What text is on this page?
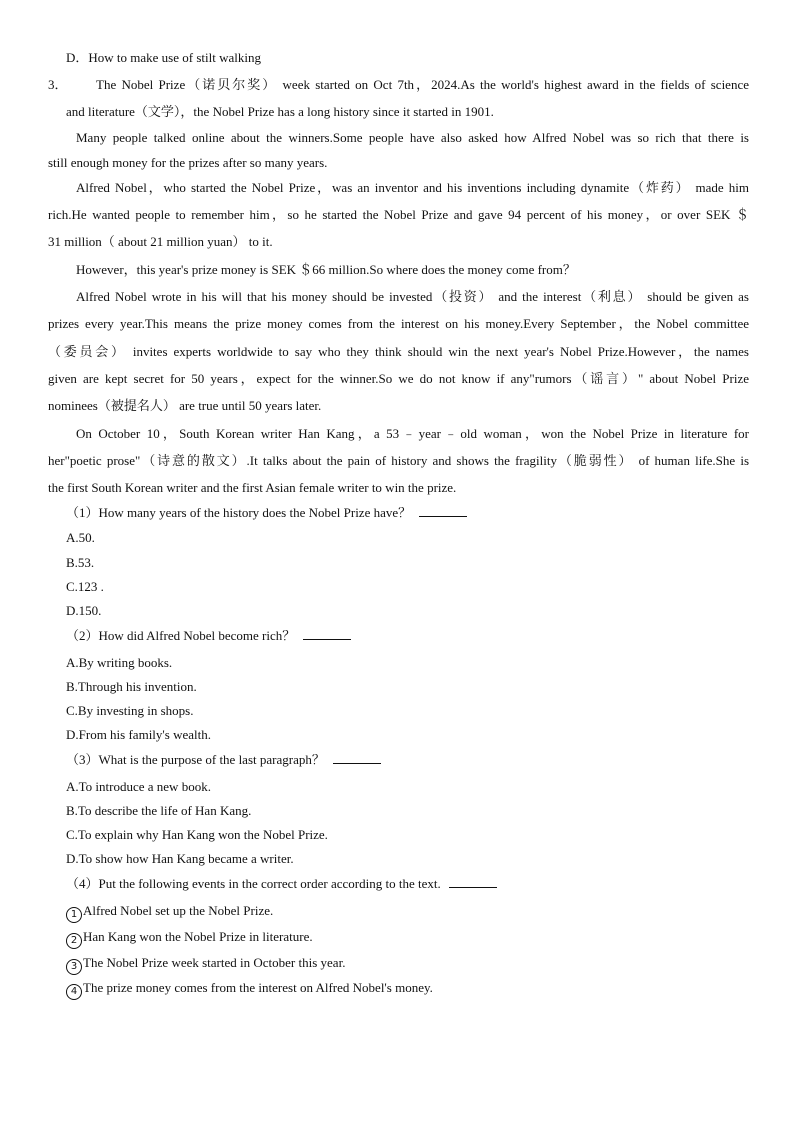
D．How to make use of stilt walking
3． The Nobel Prize（诺贝尔奖） week started on Oct 7th，2024.As the world's highest award in the fields of science
and literature（文学），the Nobel Prize has a long history since it started in 1901.
Many people talked online about the winners.Some people have also asked how Alfred Nobel was so rich that there is
still enough money for the prizes after so many years.
Alfred Nobel，who started the Nobel Prize，was an inventor and his inventions including dynamite（炸药） made him
rich.He wanted people to remember him，so he started the Nobel Prize and gave 94 percent of his money，or over SEK ＄
31 million（ about 21 million yuan） to it.
However，this year's prize money is SEK ＄66 million.So where does the money come from？
Alfred Nobel wrote in his will that his money should be invested（投资） and the interest（利息） should be given as
prizes every year.This means the prize money comes from the interest on his money.Every September，the Nobel committee
（委员会） invites experts worldwide to say who they think should win the next year's Nobel Prize.However，the names
given are kept secret for 50 years，expect for the winner.So we do not know if any"rumors（谣言）" about Nobel Prize
nominees（被提名人） are true until 50 years later.
On October 10，South Korean writer Han Kang，a 53﹣year﹣old woman，won the Nobel Prize in literature for
her"poetic prose"（诗意的散文）.It talks about the pain of history and shows the fragility（脆弱性） of human life.She is
the first South Korean writer and the first Asian female writer to win the prize.
（1）How many years of the history does the Nobel Prize have？
A.50.
B.53.
C.123 .
D.150.
（2）How did Alfred Nobel become rich？
A.By writing books.
B.Through his invention.
C.By investing in shops.
D.From his family's wealth.
（3）What is the purpose of the last paragraph？
A.To introduce a new book.
B.To describe the life of Han Kang.
C.To explain why Han Kang won the Nobel Prize.
D.To show how Han Kang became a writer.
（4）Put the following events in the correct order according to the text.
1 Alfred Nobel set up the Nobel Prize.
2 Han Kang won the Nobel Prize in literature.
3 The Nobel Prize week started in October this year.
4 The prize money comes from the interest on Alfred Nobel's money.
